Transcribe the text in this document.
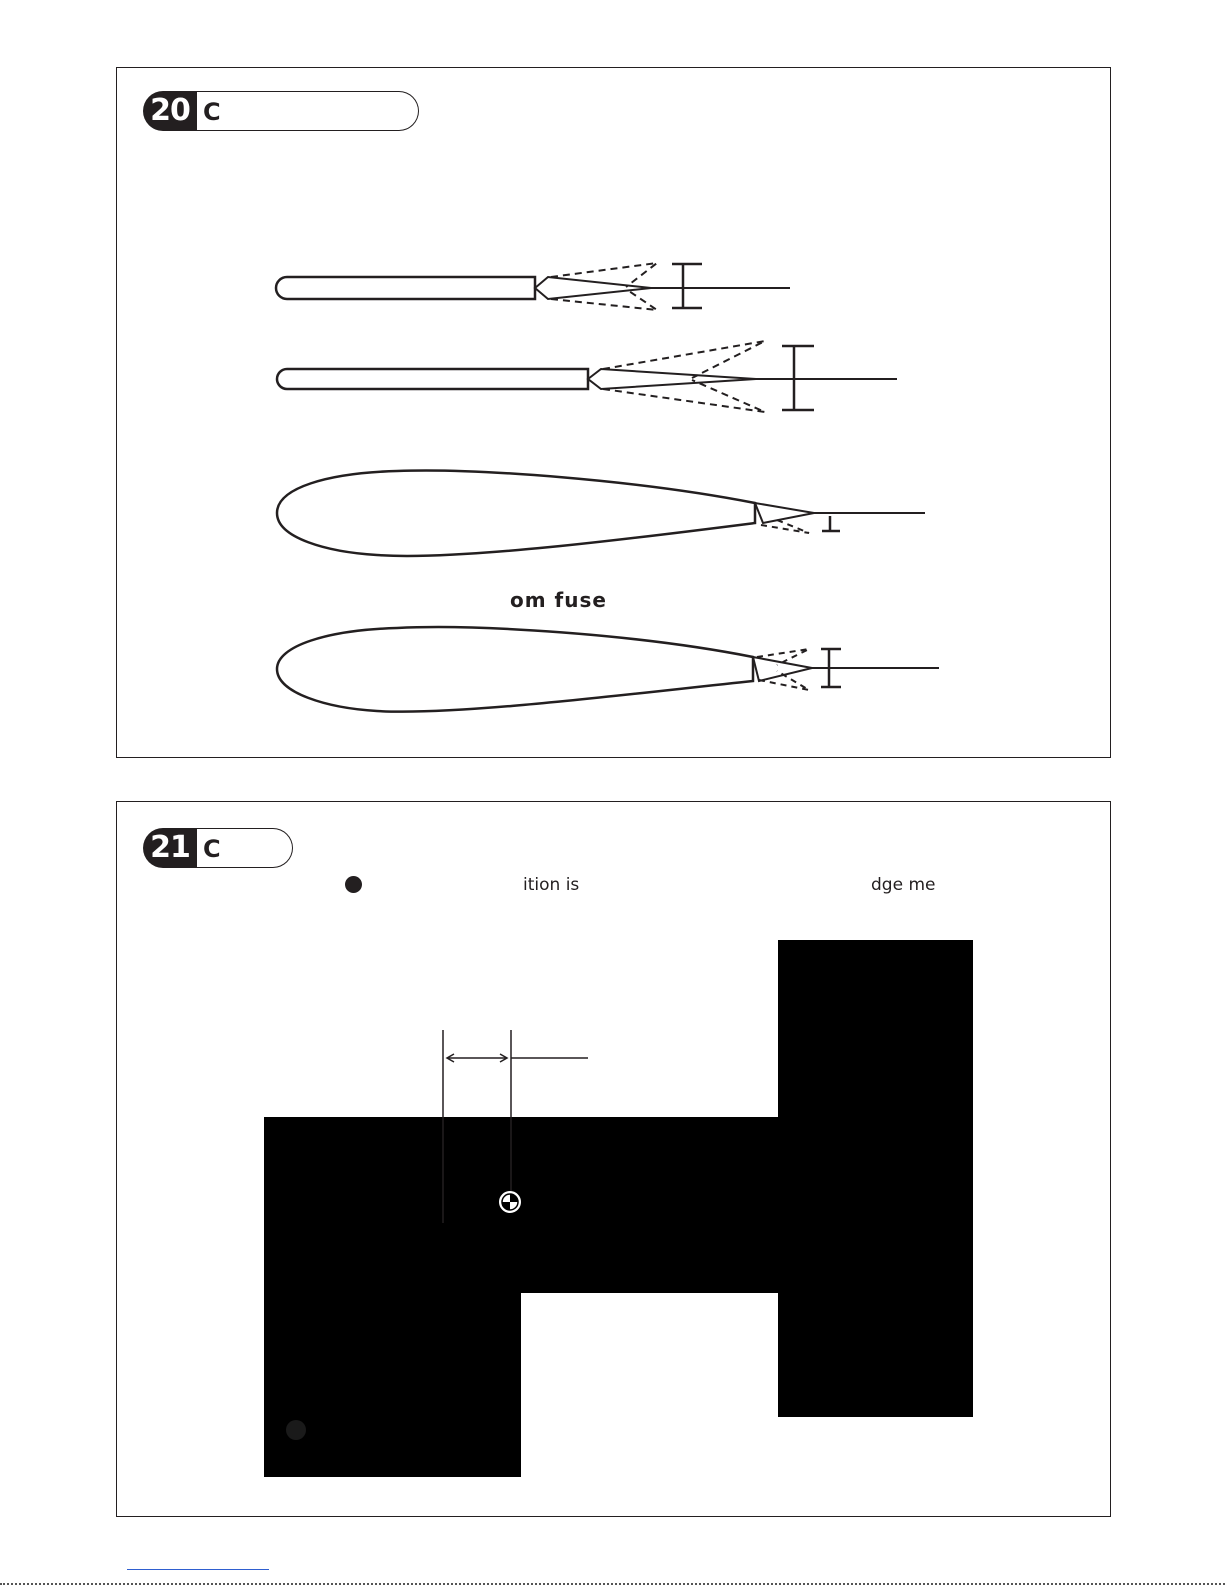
20 C
om fuse
21 C
ition is	dge me
